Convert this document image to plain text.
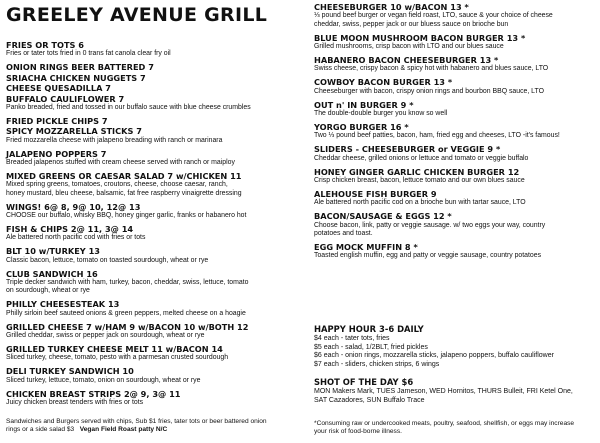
GREELEY AVENUE GRILL
FRIES OR TOTS 6
Fries or tater tots fried in 0 trans fat canola clear fry oil
ONION RINGS BEER BATTERED 7
SRIACHA CHICKEN NUGGETS 7
CHEESE QUESADILLA 7
BUFFALO CAULIFLOWER 7
Panko breaded, fried and tossed in our buffalo sauce with blue cheese crumbles
FRIED PICKLE CHIPS 7
SPICY MOZZARELLA STICKS 7
Fried mozzarella cheese with jalapeno breading with ranch or marinara
JALAPENO POPPERS 7
Breaded jalapenos stuffed with cream cheese served with ranch or maiploy
MIXED GREENS OR CAESAR SALAD 7 w/CHICKEN 11
Mixed spring greens, tomatoes, croutons, cheese, choose caesar, ranch,
honey mustard, bleu cheese, balsamic, fat free raspberry vinaigrette dressing
WINGS! 6@ 8, 9@ 10, 12@ 13
CHOOSE our buffalo, whisky BBQ, honey ginger garlic, franks or habanero hot
FISH & CHIPS 2@ 11, 3@ 14
Ale battered north pacific cod with fries or tots
BLT 10 w/TURKEY 13
Classic bacon, lettuce, tomato on toasted sourdough, wheat or rye
CLUB SANDWICH 16
Triple decker sandwich with ham, turkey, bacon, cheddar, swiss, lettuce, tomato
on sourdough, wheat or rye
PHILLY CHEESESTEAK 13
Philly sirloin beef sauteed onions & green peppers, melted cheese on a hoagie
GRILLED CHEESE 7 w/HAM 9 w/BACON 10 w/BOTH 12
Grilled cheddar, swiss or pepper jack on sourdough, wheat or rye
GRILLED TURKEY CHEESE MELT 11 w/BACON 14
Sliced turkey, cheese, tomato, pesto with a parmesan crusted sourdough
DELI TURKEY SANDWICH 10
Sliced turkey, lettuce, tomato, onion on sourdough, wheat or rye
CHICKEN BREAST STRIPS 2@ 9, 3@ 11
Juicy chicken breast tenders with fries or tots
Sandwiches and Burgers served with chips, Sub $1 fries, tater tots or beer battered onion
rings or a side salad $3 Vegan Field Roast patty N/C
CHEESEBURGER 10 w/BACON 13 *
⅓ pound beef burger or vegan field roast, LTO, sauce & your choice of cheese
cheddar, swiss, pepper jack or our bluess sauce on brioche bun
BLUE MOON MUSHROOM BACON BURGER 13 *
Grilled mushrooms, crisp bacon with LTO and our blues sauce
HABANERO BACON CHEESEBURGER 13 *
Swiss cheese, crispy bacon & spicy hot with habanero and blues sauce, LTO
COWBOY BACON BURGER 13 *
Cheeseburger with bacon, crispy onion rings and bourbon BBQ sauce, LTO
OUT n' IN BURGER 9 *
The double-double burger you know so well
YORGO BURGER 16 *
Two ⅓ pound beef patties, bacon, ham, fried egg and cheeses, LTO -it's famous!
SLIDERS - CHEESEBURGER or VEGGIE 9 *
Cheddar cheese, grilled onions or lettuce and tomato or veggie buffalo
HONEY GINGER GARLIC CHICKEN BURGER 12
Crisp chicken breast, bacon, lettuce tomato and our own blues sauce
ALEHOUSE FISH BURGER 9
Ale battered north pacific cod on a brioche bun with tartar sauce, LTO
BACON/SAUSAGE & EGGS 12 *
Choose bacon, link, patty or veggie sausage. w/ two eggs your way, country
potatoes and toast.
EGG MOCK MUFFIN 8 *
Toasted english muffin, egg and patty or veggie sausage, country potatoes
HAPPY HOUR 3-6 DAILY
$4 each - tater tots, fries
$5 each - salad, 1/2BLT, fried pickles
$6 each - onion rings, mozzarella sticks, jalapeno poppers, buffalo cauliflower
$7 each - sliders, chicken strips, 6 wings
SHOT OF THE DAY $6
MON Makers Mark, TUES Jameson, WED Hornitos, THURS Bulleit, FRI Ketel One,
SAT Cazadores, SUN Buffalo Trace
*Consuming raw or undercooked meats, poultry, seafood, shellfish, or eggs may increase
your risk of food-borne illness.
